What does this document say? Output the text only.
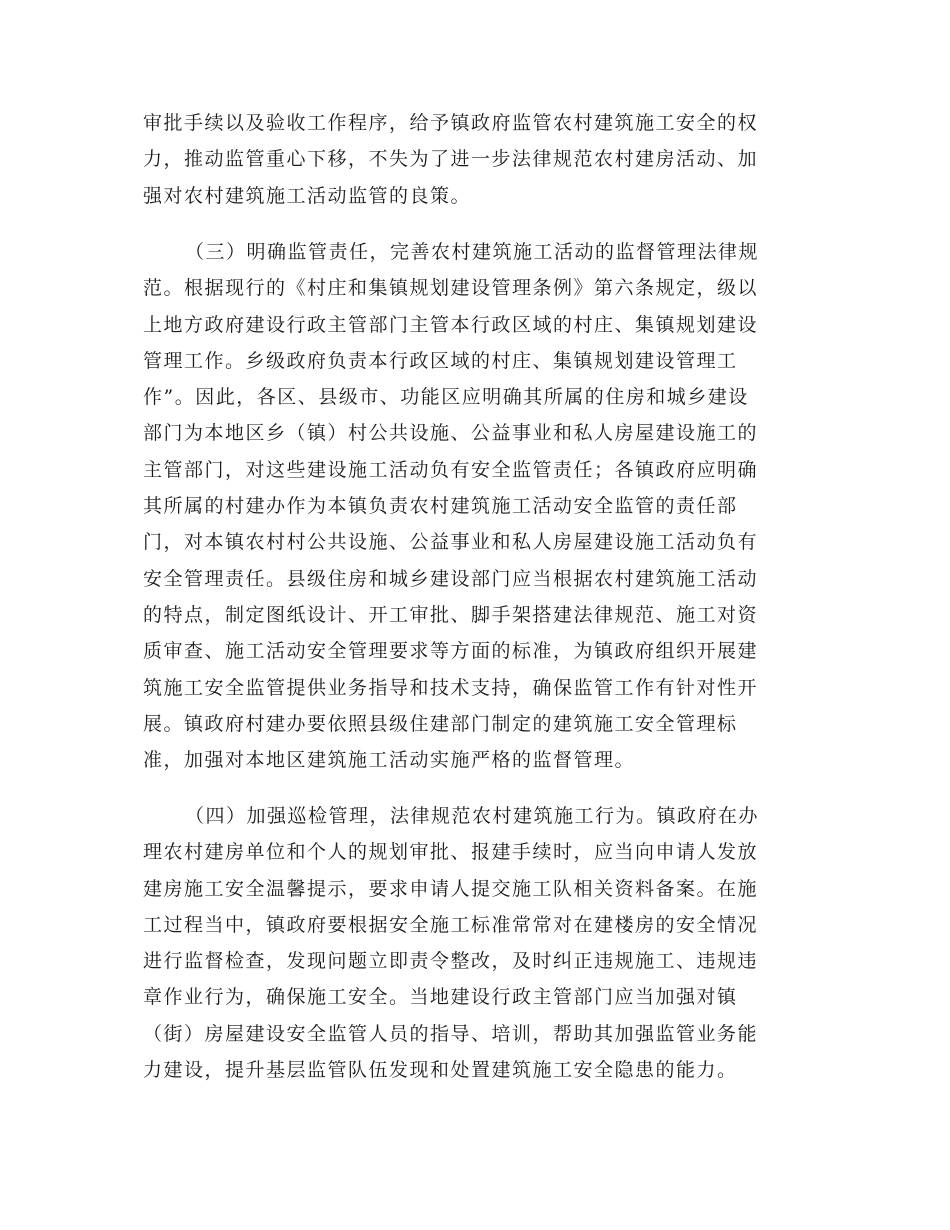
审批手续以及验收工作程序，给予镇政府监管农村建筑施工安全的权
力，推动监管重心下移，不失为了进一步法律规范农村建房活动、加
强对农村建筑施工活动监管的良策。
（三）明确监管责任，完善农村建筑施工活动的监督管理法律规
范。根据现行的《村庄和集镇规划建设管理条例》第六条规定，级以
上地方政府建设行政主管部门主管本行政区域的村庄、集镇规划建设
管理工作。乡级政府负责本行政区域的村庄、集镇规划建设管理工
作”。因此，各区、县级市、功能区应明确其所属的住房和城乡建设
部门为本地区乡（镇）村公共设施、公益事业和私人房屋建设施工的
主管部门，对这些建设施工活动负有安全监管责任；各镇政府应明确
其所属的村建办作为本镇负责农村建筑施工活动安全监管的责任部
门，对本镇农村村公共设施、公益事业和私人房屋建设施工活动负有
安全管理责任。县级住房和城乡建设部门应当根据农村建筑施工活动
的特点，制定图纸设计、开工审批、脚手架搭建法律规范、施工对资
质审查、施工活动安全管理要求等方面的标准，为镇政府组织开展建
筑施工安全监管提供业务指导和技术支持，确保监管工作有针对性开
展。镇政府村建办要依照县级住建部门制定的建筑施工安全管理标
准，加强对本地区建筑施工活动实施严格的监督管理。
（四）加强巡检管理，法律规范农村建筑施工行为。镇政府在办
理农村建房单位和个人的规划审批、报建手续时，应当向申请人发放
建房施工安全温馨提示，要求申请人提交施工队相关资料备案。在施
工过程当中，镇政府要根据安全施工标准常常对在建楼房的安全情况
进行监督检查，发现问题立即责令整改，及时纠正违规施工、违规违
章作业行为，确保施工安全。当地建设行政主管部门应当加强对镇
（街）房屋建设安全监管人员的指导、培训，帮助其加强监管业务能
力建设，提升基层监管队伍发现和处置建筑施工安全隐患的能力。
